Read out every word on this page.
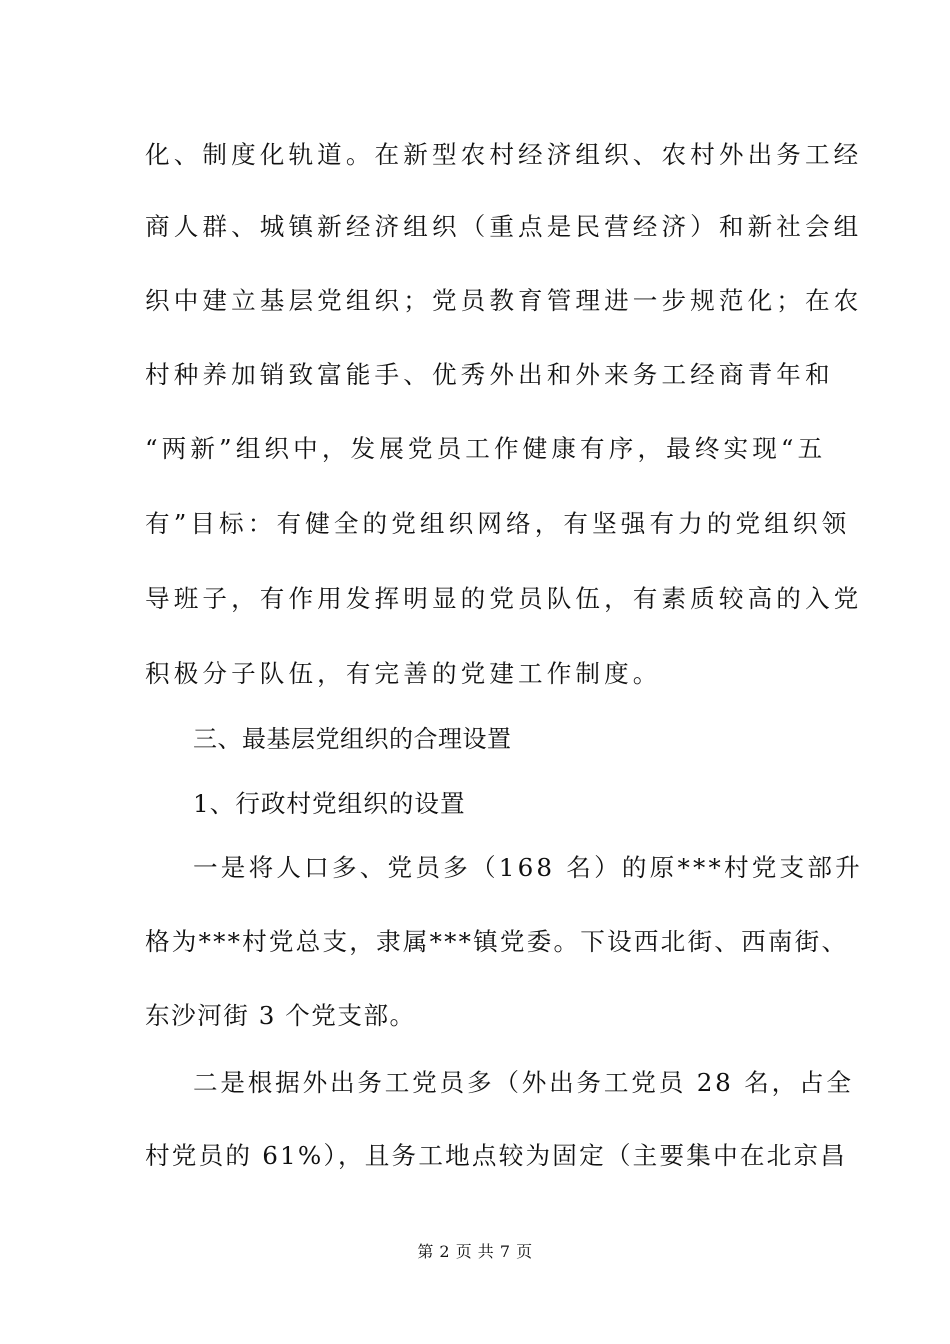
化、制度化轨道。在新型农村经济组织、农村外出务工经

商人群、城镇新经济组织（重点是民营经济）和新社会组

织中建立基层党组织；党员教育管理进一步规范化；在农

村种养加销致富能手、优秀外出和外来务工经商青年和

“两新”组织中，发展党员工作健康有序，最终实现“五

有”目标：有健全的党组织网络，有坚强有力的党组织领

导班子，有作用发挥明显的党员队伍，有素质较高的入党

积极分子队伍，有完善的党建工作制度。

三、最基层党组织的合理设置

1、行政村党组织的设置

一是将人口多、党员多（168 名）的原***村党支部升

格为***村党总支，隶属***镇党委。下设西北街、西南街、

东沙河街 3 个党支部。

二是根据外出务工党员多（外出务工党员 28 名，占全

村党员的 61%），且务工地点较为固定（主要集中在北京昌

第 2 页 共 7 页
